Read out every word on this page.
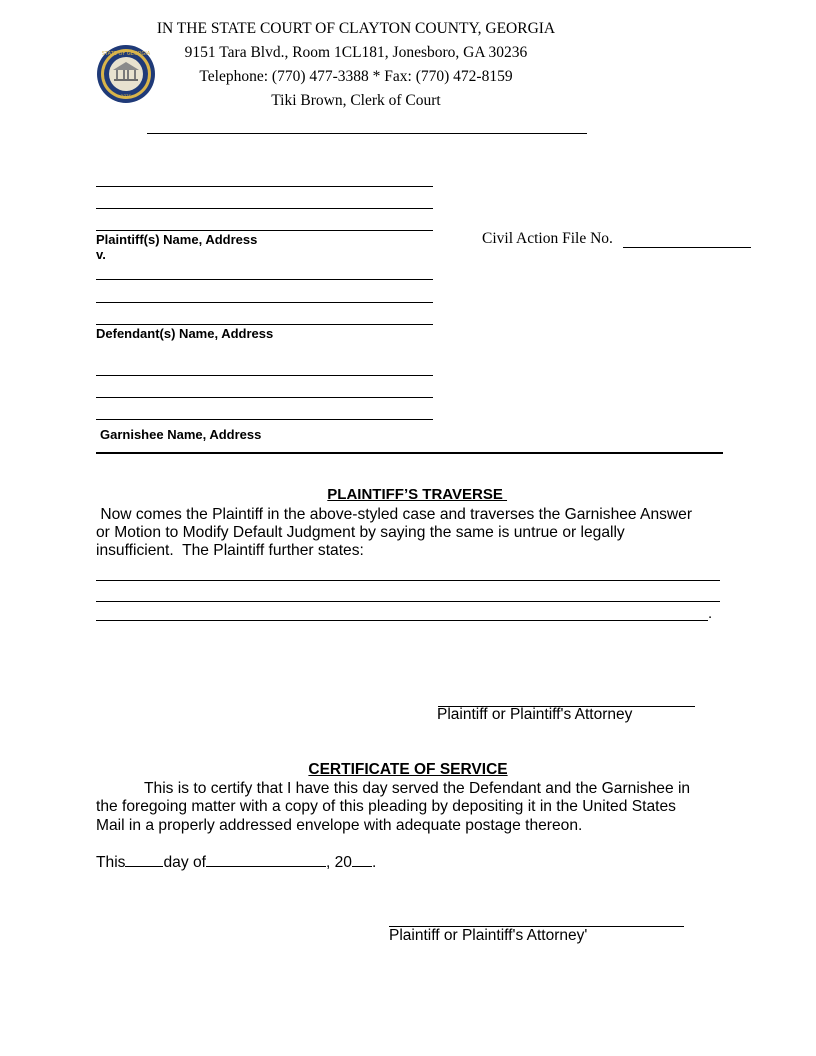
STATE OF GEORGIA
1776
IN THE STATE COURT OF CLAYTON COUNTY, GEORGIA
9151 Tara Blvd., Room 1CL181, Jonesboro, GA 30236
Telephone: (770) 477-3388 * Fax: (770) 472-8159
Tiki Brown, Clerk of Court
Plaintiff(s) Name, Address
v.
Civil Action File No.
Defendant(s) Name, Address
Garnishee Name, Address

PLAINTIFF’S TRAVERSE

Now comes the Plaintiff in the above-styled case and traverses the Garnishee Answer
or Motion to Modify Default Judgment by saying the same is untrue or legally
insufficient.  The Plaintiff further states:
.
Plaintiff or Plaintiff's Attorney
CERTIFICATE OF SERVICE
This is to certify that I have this day served the Defendant and the Garnishee in
the foregoing matter with a copy of this pleading by depositing it in the United States
Mail in a properly addressed envelope with adequate postage thereon.
This day of	, 20 .
Plaintiff or Plaintiff's Attorney'
